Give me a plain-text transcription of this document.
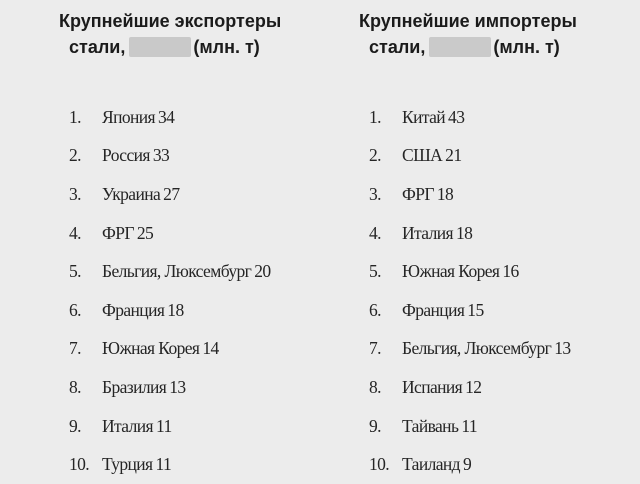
Крупнейшие экспортеры
стали,	(млн. т)
1.	Япония 34
2.	Россия 33
3.	Украина 27
4.	ФРГ 25
5.	Бельгия, Люксембург 20
6.	Франция 18
7.	Южная Корея 14
8.	Бразилия 13
9.	Италия 11
10. Турция 11
Крупнейшие импортеры
стали,	(млн. т)
1.	Китай 43
2.	США 21
3.	ФРГ 18
4.	Италия 18
5.	Южная Корея 16
6.	Франция 15
7.	Бельгия, Люксембург 13
8.	Испания 12
9.	Тайвань 11
10. Таиланд 9
